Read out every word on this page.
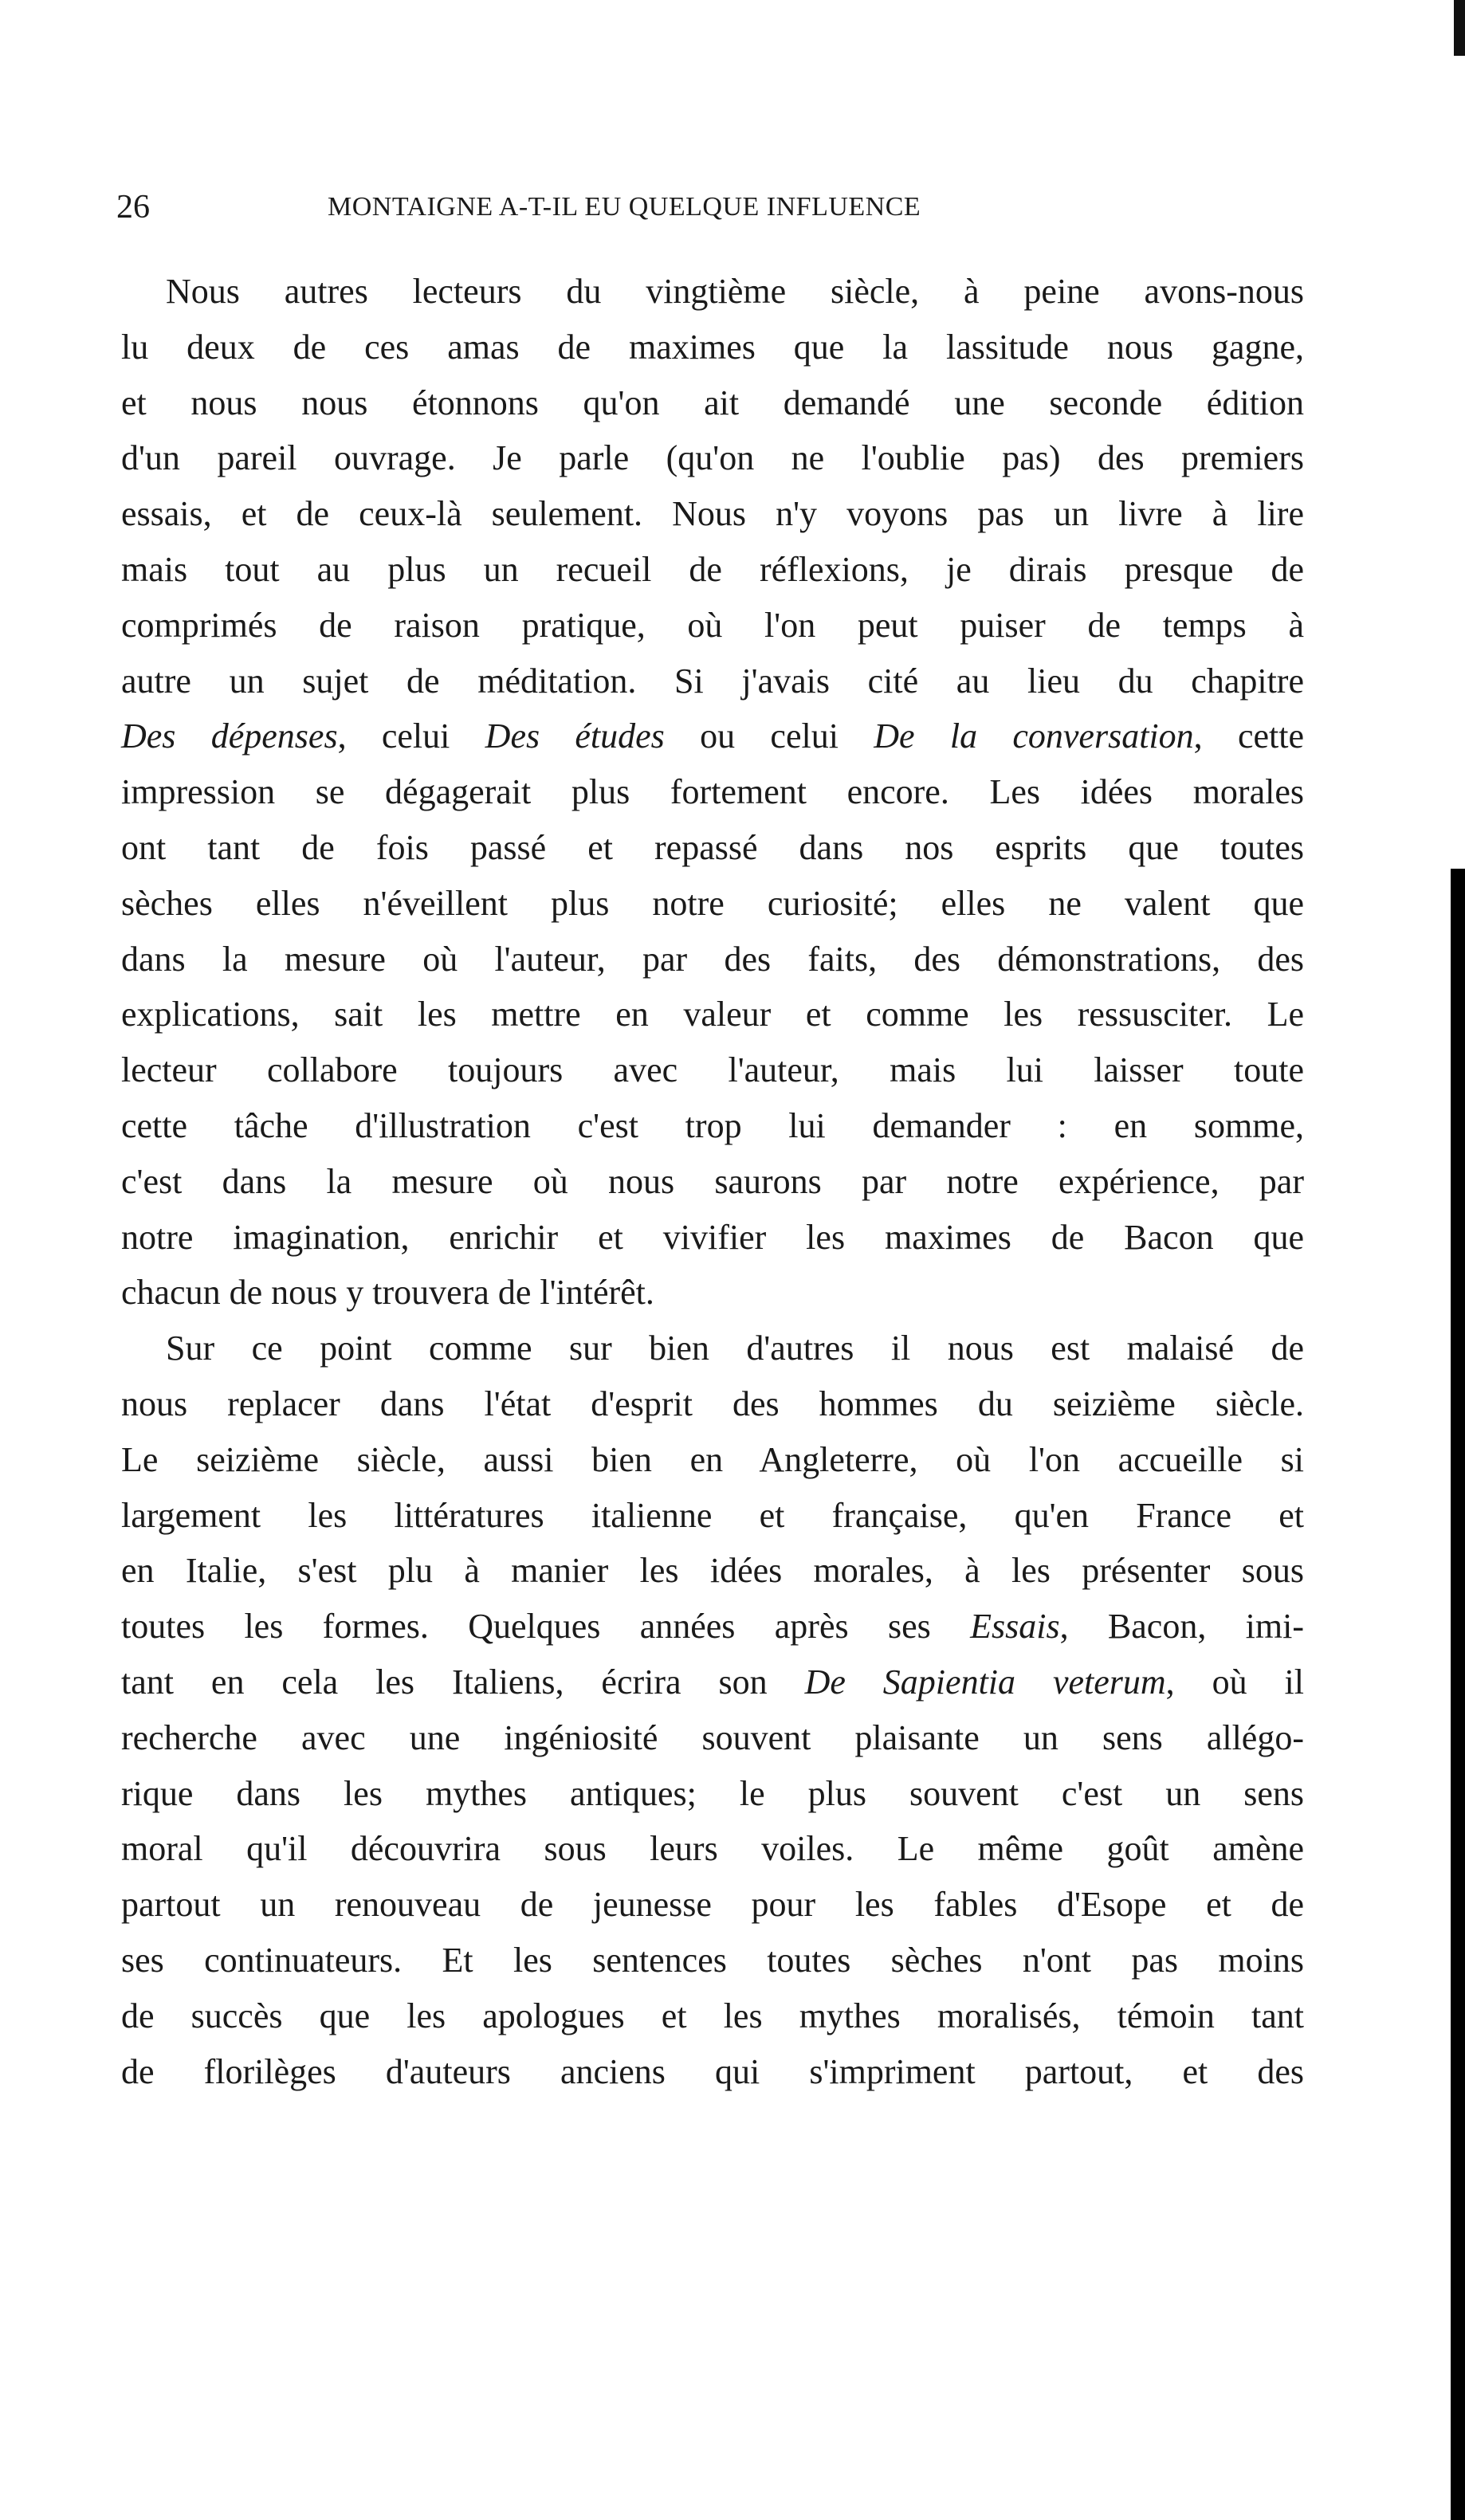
26	MONTAIGNE A-T-IL EU QUELQUE INFLUENCE
Nous autres lecteurs du vingtième siècle, à peine avons-nous
lu deux de ces amas de maximes que la lassitude nous gagne,
et nous nous étonnons qu'on ait demandé une seconde édition
d'un pareil ouvrage. Je parle (qu'on ne l'oublie pas) des premiers
essais, et de ceux-là seulement. Nous n'y voyons pas un livre à lire
mais tout au plus un recueil de réflexions, je dirais presque de
comprimés de raison pratique, où l'on peut puiser de temps à
autre un sujet de méditation. Si j'avais cité au lieu du chapitre
Des dépenses, celui Des études ou celui De la conversation, cette
impression se dégagerait plus fortement encore. Les idées morales
ont tant de fois passé et repassé dans nos esprits que toutes
sèches elles n'éveillent plus notre curiosité; elles ne valent que
dans la mesure où l'auteur, par des faits, des démonstrations, des
explications, sait les mettre en valeur et comme les ressusciter. Le
lecteur collabore toujours avec l'auteur, mais lui laisser toute
cette tâche d'illustration c'est trop lui demander : en somme,
c'est dans la mesure où nous saurons par notre expérience, par
notre imagination, enrichir et vivifier les maximes de Bacon que
chacun de nous y trouvera de l'intérêt.
Sur ce point comme sur bien d'autres il nous est malaisé de
nous replacer dans l'état d'esprit des hommes du seizième siècle.
Le seizième siècle, aussi bien en Angleterre, où l'on accueille si
largement les littératures italienne et française, qu'en France et
en Italie, s'est plu à manier les idées morales, à les présenter sous
toutes les formes. Quelques années après ses Essais, Bacon, imi-
tant en cela les Italiens, écrira son De Sapientia veterum, où il
recherche avec une ingéniosité souvent plaisante un sens allégo-
rique dans les mythes antiques; le plus souvent c'est un sens
moral qu'il découvrira sous leurs voiles. Le même goût amène
partout un renouveau de jeunesse pour les fables d'Esope et de
ses continuateurs. Et les sentences toutes sèches n'ont pas moins
de succès que les apologues et les mythes moralisés, témoin tant
de florilèges d'auteurs anciens qui s'impriment partout, et des
